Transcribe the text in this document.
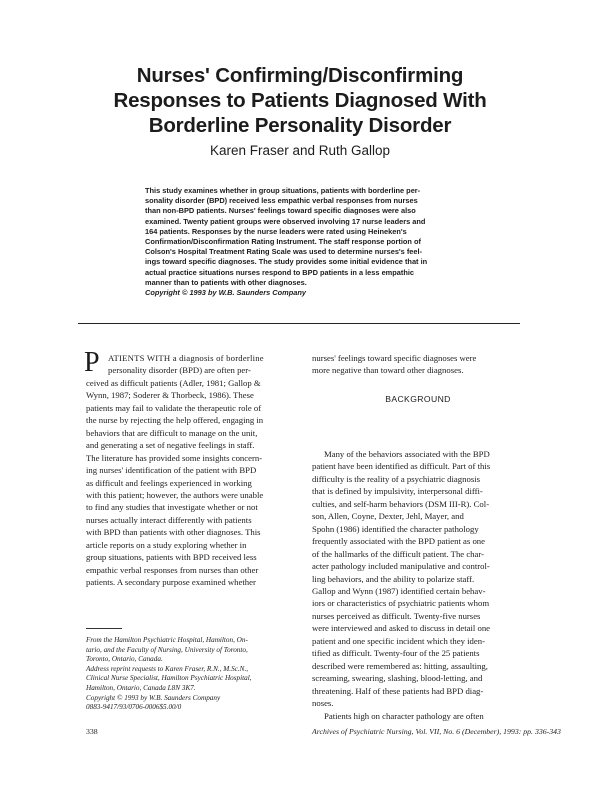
Nurses' Confirming/Disconfirming
Responses to Patients Diagnosed With
Borderline Personality Disorder
Karen Fraser and Ruth Gallop
This study examines whether in group situations, patients with borderline per-
sonality disorder (BPD) received less empathic verbal responses from nurses
than non-BPD patients. Nurses' feelings toward specific diagnoses were also
examined. Twenty patient groups were observed involving 17 nurse leaders and
164 patients. Responses by the nurse leaders were rated using Heineken's
Confirmation/Disconfirmation Rating Instrument. The staff response portion of
Colson's Hospital Treatment Rating Scale was used to determine nurses's feel-
ings toward specific diagnoses. The study provides some initial evidence that in
actual practice situations nurses respond to BPD patients in a less empathic
manner than to patients with other diagnoses.
Copyright © 1993 by W.B. Saunders Company
P ATIENTS WITH a diagnosis of borderline
personality disorder (BPD) are often per-
ceived as difficult patients (Adler, 1981; Gallop &
Wynn, 1987; Soderer & Thorbeck, 1986). These
patients may fail to validate the therapeutic role of
the nurse by rejecting the help offered, engaging in
behaviors that are difficult to manage on the unit,
and generating a set of negative feelings in staff.
The literature has provided some insights concern-
ing nurses' identification of the patient with BPD
as difficult and feelings experienced in working
with this patient; however, the authors were unable
to find any studies that investigate whether or not
nurses actually interact differently with patients
with BPD than patients with other diagnoses. This
article reports on a study exploring whether in
group situations, patients with BPD received less
empathic verbal responses from nurses than other
patients. A secondary purpose examined whether
From the Hamilton Psychiatric Hospital, Hamilton, On-
tario, and the Faculty of Nursing, University of Toronto,
Toronto, Ontario, Canada.
Address reprint requests to Karen Fraser, R.N., M.Sc.N.,
Clinical Nurse Specialist, Hamilton Psychiatric Hospital,
Hamilton, Ontario, Canada L8N 3K7.
Copyright © 1993 by W.B. Saunders Company
0883-9417/93/0706-0006$5.00/0
nurses' feelings toward specific diagnoses were
more negative than toward other diagnoses.
BACKGROUND
Many of the behaviors associated with the BPD
patient have been identified as difficult. Part of this
difficulty is the reality of a psychiatric diagnosis
that is defined by impulsivity, interpersonal diffi-
culties, and self-harm behaviors (DSM III-R). Col-
son, Allen, Coyne, Dexter, Jehl, Mayer, and
Spohn (1986) identified the character pathology
frequently associated with the BPD patient as one
of the hallmarks of the difficult patient. The char-
acter pathology included manipulative and control-
ling behaviors, and the ability to polarize staff.
Gallop and Wynn (1987) identified certain behav-
iors or characteristics of psychiatric patients whom
nurses perceived as difficult. Twenty-five nurses
were interviewed and asked to discuss in detail one
patient and one specific incident which they iden-
tified as difficult. Twenty-four of the 25 patients
described were remembered as: hitting, assaulting,
screaming, swearing, slashing, blood-letting, and
threatening. Half of these patients had BPD diag-
noses.
Patients high on character pathology are often
338	Archives of Psychiatric Nursing, Vol. VII, No. 6 (December), 1993: pp. 336-343
